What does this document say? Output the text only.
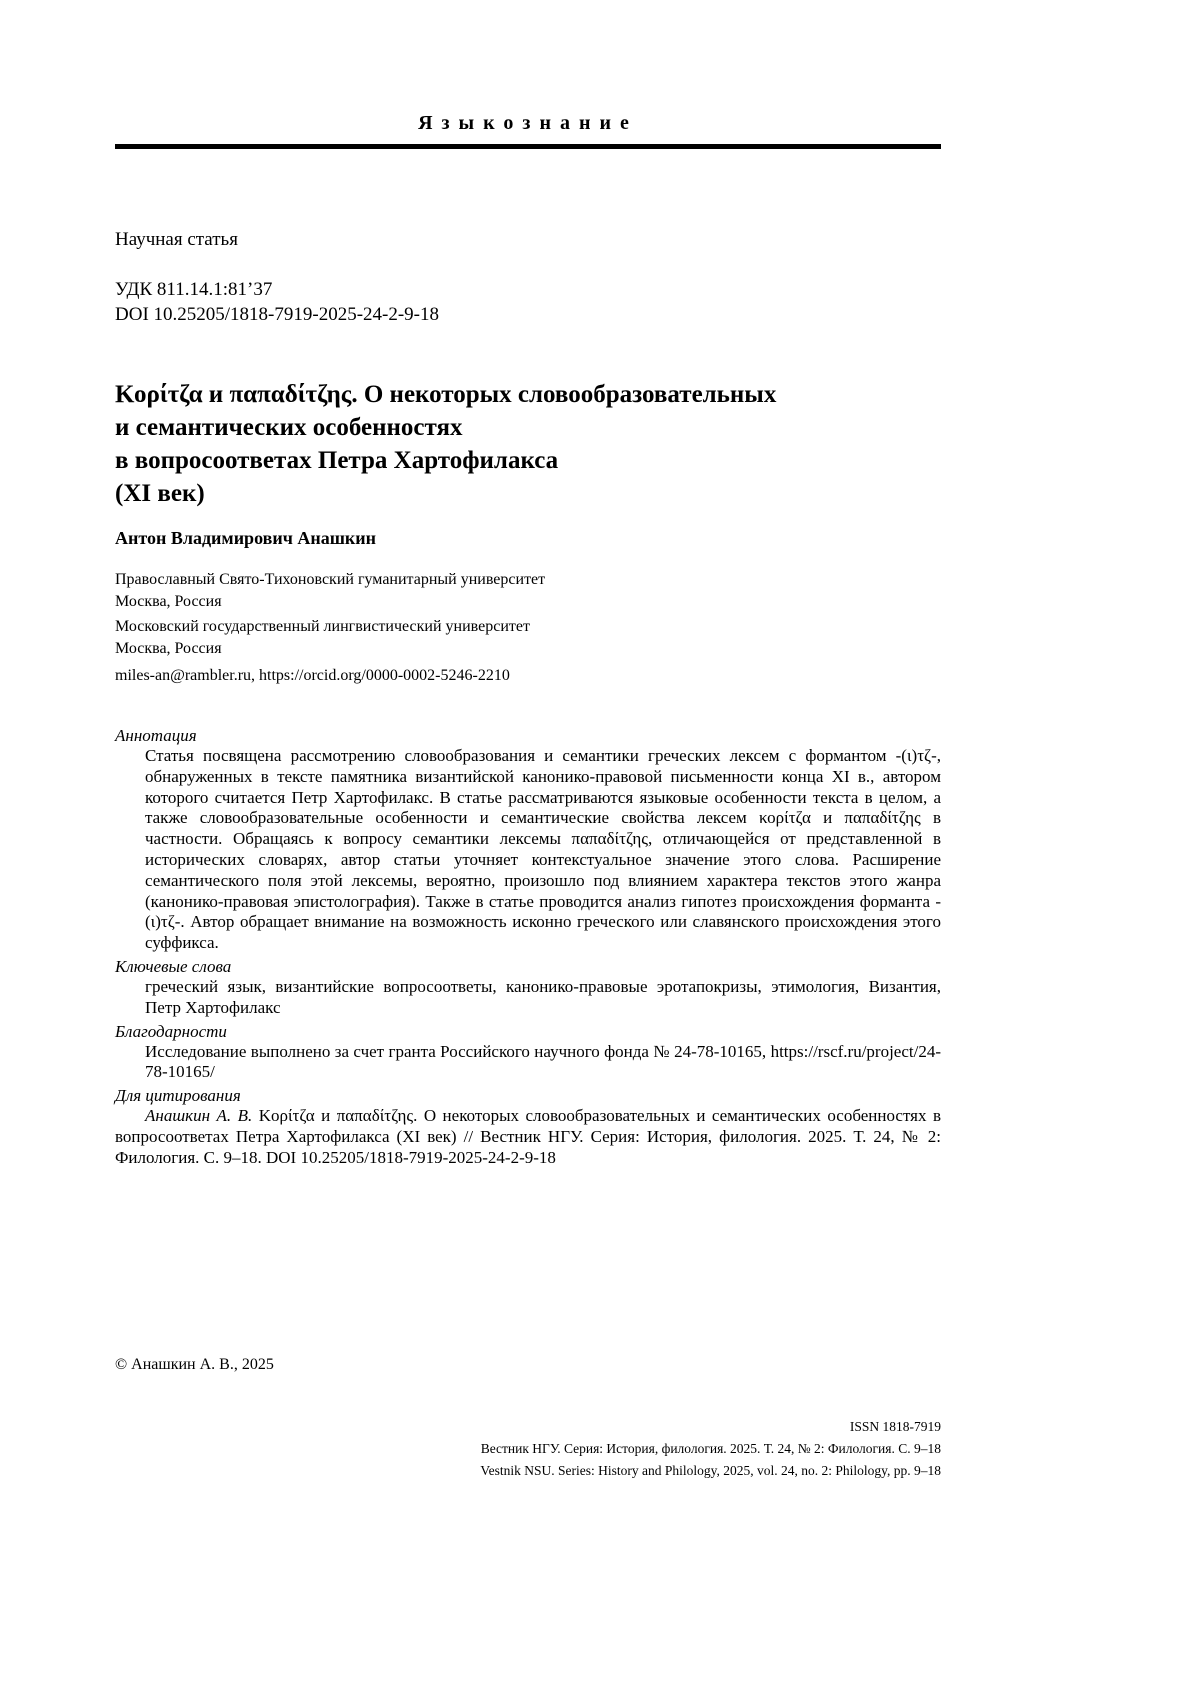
Языкознание
Научная статья
УДК 811.14.1:81’37
DOI 10.25205/1818-7919-2025-24-2-9-18
Κορίτζα и παπαδίτζης. О некоторых словообразовательных
и семантических особенностях
в вопросоответах Петра Хартофилакса
(XI век)
Антон Владимирович Анашкин
Православный Свято-Тихоновский гуманитарный университет
Москва, Россия
Московский государственный лингвистический университет
Москва, Россия
miles-an@rambler.ru, https://orcid.org/0000-0002-5246-2210
Аннотация

Статья посвящена рассмотрению словообразования и семантики греческих лексем с формантом -(ι)τζ-, обнаруженных в тексте памятника византийской канонико-правовой письменности конца XI в., автором которого считается Петр Хартофилакс. В статье рассматриваются языковые особенности текста в целом, а также словообразовательные особенности и семантические свойства лексем κορίτζα и παπαδίτζης в частности. Обращаясь к вопросу семантики лексемы παπαδίτζης, отличающейся от представленной в исторических словарях, автор статьи уточняет контекстуальное значение этого слова. Расширение семантического поля этой лексемы, вероятно, произошло под влиянием характера текстов этого жанра (канонико-правовая эпистолография). Также в статье проводится анализ гипотез происхождения форманта -(ι)τζ-. Автор обращает внимание на возможность исконно греческого или славянского происхождения этого суффикса.

Ключевые слова

греческий язык, византийские вопросоответы, канонико-правовые эротапокризы, этимология, Византия, Петр Хартофилакс

Благодарности

Исследование выполнено за счет гранта Российского научного фонда № 24-78-10165, https://rscf.ru/project/24-78-10165/

Для цитирования

Анашкин А. В. Κορίτζα и παπαδίτζης. О некоторых словообразовательных и семантических особенностях в вопросоответах Петра Хартофилакса (XI век) // Вестник НГУ. Серия: История, филология. 2025. Т. 24, № 2: Филология. С. 9–18. DOI 10.25205/1818-7919-2025-24-2-9-18

© Анашкин А. В., 2025
ISSN 1818-7919
Вестник НГУ. Серия: История, филология. 2025. Т. 24, № 2: Филология. С. 9–18
Vestnik NSU. Series: History and Philology, 2025, vol. 24, no. 2: Philology, pp. 9–18
